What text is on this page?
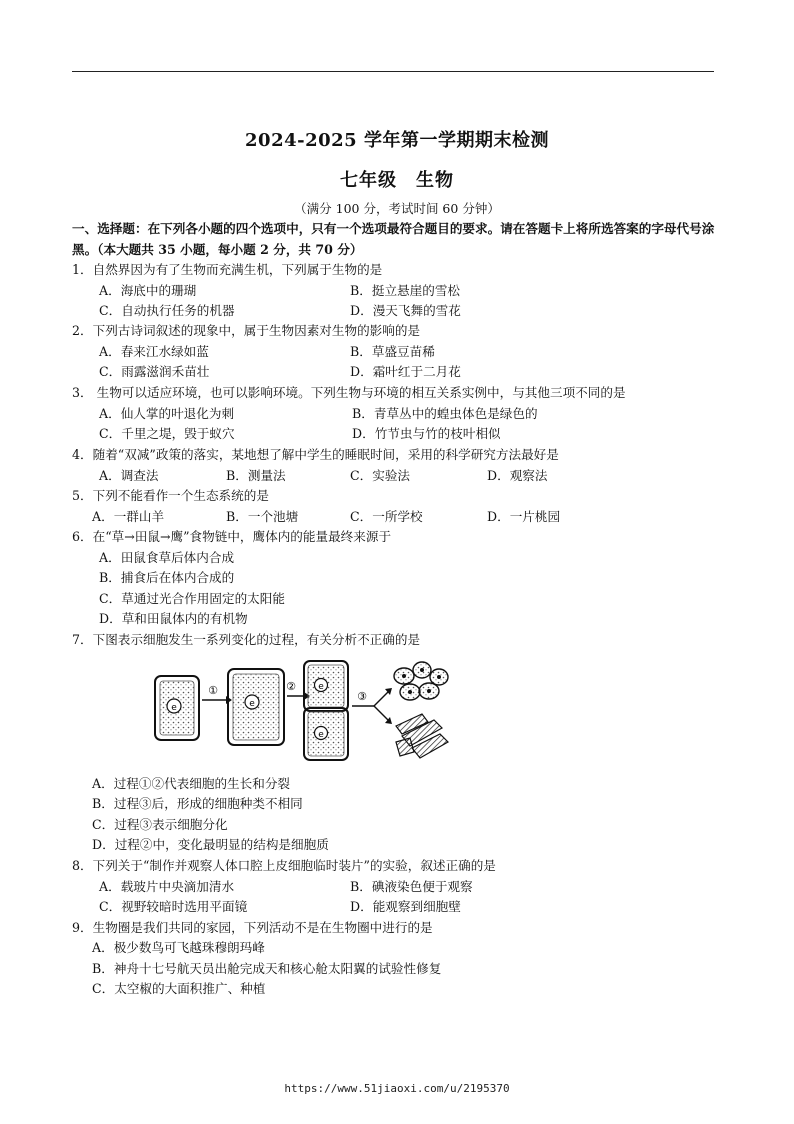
2024-2025 学年第一学期期末检测
七年级　生物
（满分 100 分，考试时间 60 分钟）
一、选择题：在下列各小题的四个选项中，只有一个选项最符合题目的要求。请在答题卡上将所选答案的字母代号涂黑。（本大题共 35 小题，每小题 2 分，共 70 分）
1．自然界因为有了生物而充满生机，下列属于生物的是
A．海底中的珊瑚	B．挺立悬崖的雪松
C．自动执行任务的机器	D．漫天飞舞的雪花
2．下列古诗词叙述的现象中，属于生物因素对生物的影响的是
A．春来江水绿如蓝	B．草盛豆苗稀
C．雨露滋润禾苗壮	D．霜叶红于二月花
3． 生物可以适应环境，也可以影响环境。下列生物与环境的相互关系实例中，与其他三项不同的是
A．仙人掌的叶退化为刺	B．青草丛中的蝗虫体色是绿色的
C．千里之堤，毁于蚁穴	D．竹节虫与竹的枝叶相似
4．随着“双减”政策的落实，某地想了解中学生的睡眠时间，采用的科学研究方法最好是
A．调查法	B．测量法	C．实验法	D．观察法
5．下列不能看作一个生态系统的是
A．一群山羊	B．一个池塘	C．一所学校	D．一片桃园
6．在“草→田鼠→鹰”食物链中，鹰体内的能量最终来源于
A．田鼠食草后体内合成
B．捕食后在体内合成的
C．草通过光合作用固定的太阳能
D．草和田鼠体内的有机物
7．下图表示细胞发生一系列变化的过程，有关分析不正确的是
e
①
e
② e
e
③
A．过程①②代表细胞的生长和分裂
B．过程③后，形成的细胞种类不相同
C．过程③表示细胞分化
D．过程②中，变化最明显的结构是细胞质
8．下列关于“制作并观察人体口腔上皮细胞临时装片”的实验，叙述正确的是
A．载玻片中央滴加清水	B．碘液染色便于观察
C．视野较暗时选用平面镜	D．能观察到细胞壁
9．生物圈是我们共同的家园，下列活动不是在生物圈中进行的是
A．极少数鸟可飞越珠穆朗玛峰
B．神舟十七号航天员出舱完成天和核心舱太阳翼的试验性修复
C．太空椒的大面积推广、种植
https://www.51jiaoxi.com/u/2195370
